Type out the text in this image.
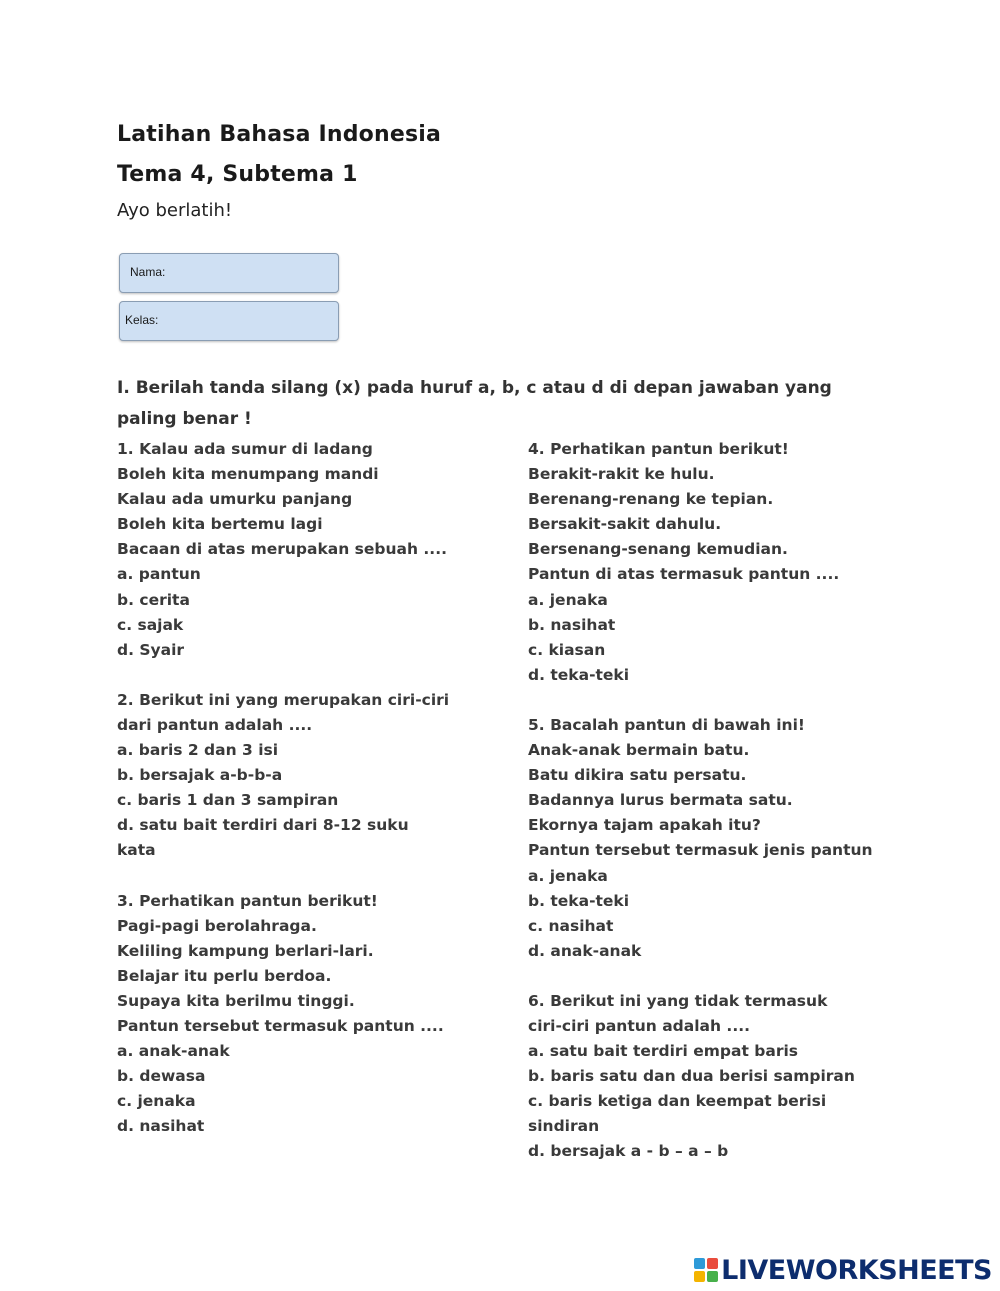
Latihan Bahasa Indonesia
Tema 4, Subtema 1
Ayo berlatih!
Nama:
Kelas:

I. Berilah tanda silang (x) pada huruf a, b, c atau d di depan jawaban yang paling benar !

1. Kalau ada sumur di ladang
Boleh kita menumpang mandi
Kalau ada umurku panjang
Boleh kita bertemu lagi
Bacaan di atas merupakan sebuah ....
a. pantun
b. cerita
c. sajak
d. Syair
2. Berikut ini yang merupakan ciri-ciri
dari pantun adalah ....
a. baris 2 dan 3 isi
b. bersajak a-b-b-a
c. baris 1 dan 3 sampiran
d. satu bait terdiri dari 8-12 suku kata
3. Perhatikan pantun berikut!
Pagi-pagi berolahraga.
Keliling kampung berlari-lari.
Belajar itu perlu berdoa.
Supaya kita berilmu tinggi.
Pantun tersebut termasuk pantun ....
a. anak-anak
b. dewasa
c. jenaka
d. nasihat
4. Perhatikan pantun berikut!
Berakit-rakit ke hulu.
Berenang-renang ke tepian.
Bersakit-sakit dahulu.
Bersenang-senang kemudian.
Pantun di atas termasuk pantun ....
a. jenaka
b. nasihat
c. kiasan
d. teka-teki
5. Bacalah pantun di bawah ini!
Anak-anak bermain batu.
Batu dikira satu persatu.
Badannya lurus bermata satu.
Ekornya tajam apakah itu?
Pantun tersebut termasuk jenis pantun
a. jenaka
b. teka-teki
c. nasihat
d. anak-anak
6. Berikut ini yang tidak termasuk
ciri-ciri pantun adalah ....
a. satu bait terdiri empat baris
b. baris satu dan dua berisi sampiran
c. baris ketiga dan keempat berisi sindiran
d. bersajak a - b – a – b
LIVEWORKSHEETS
